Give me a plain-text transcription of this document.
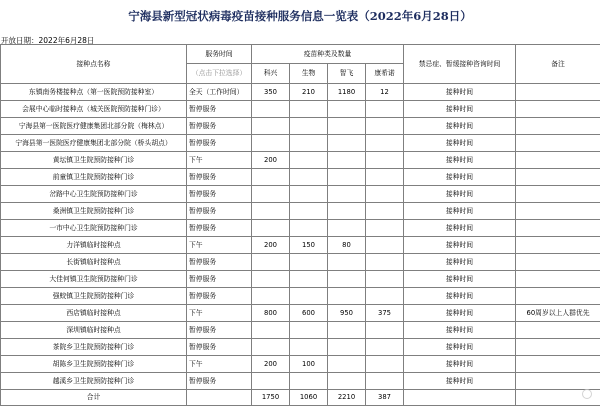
宁海县新型冠状病毒疫苗接种服务信息一览表（2022年6月28日）
开放日期：2022年6月28日
接种点名称	服务时间	疫苗种类及数量				禁忌症、暂缓接种咨询时间	备注
	（点击下拉选择）	科兴	生物	智飞	康希诺		
东镇南务楼接种点（第一医院预防接种室）	全天（工作时间）	350	210	1180	12	接种时间	
会展中心临时接种点（城关医院预防接种门诊）	暂停服务					接种时间	
宁海县第一医院医疗健康集团北部分院（梅林点）	暂停服务					接种时间	
宁海县第一医院医疗健康集团北部分院（桥头胡点）	暂停服务					接种时间	
黄坛镇卫生院预防接种门诊	下午	200				接种时间	
前童镇卫生院预防接种门诊	暂停服务					接种时间	
岔路中心卫生院预防接种门诊	暂停服务					接种时间	
桑洲镇卫生院预防接种门诊	暂停服务					接种时间	
一市中心卫生院预防接种门诊	暂停服务					接种时间	
力洋镇临时接种点	下午	200	150	80		接种时间	
长街镇临时接种点	暂停服务					接种时间	
大佳何镇卫生院预防接种门诊	暂停服务					接种时间	
强蛟镇卫生院预防接种门诊	暂停服务					接种时间	
西店镇临时接种点	下午	800	600	950	375	接种时间	60周岁以上人群优先
深圳镇临时接种点	暂停服务					接种时间	
茶院乡卫生院预防接种门诊	暂停服务					接种时间	
胡陈乡卫生院预防接种门诊	下午	200	100			接种时间	
越溪乡卫生院预防接种门诊	暂停服务					接种时间	
合计		1750	1060	2210	387		
